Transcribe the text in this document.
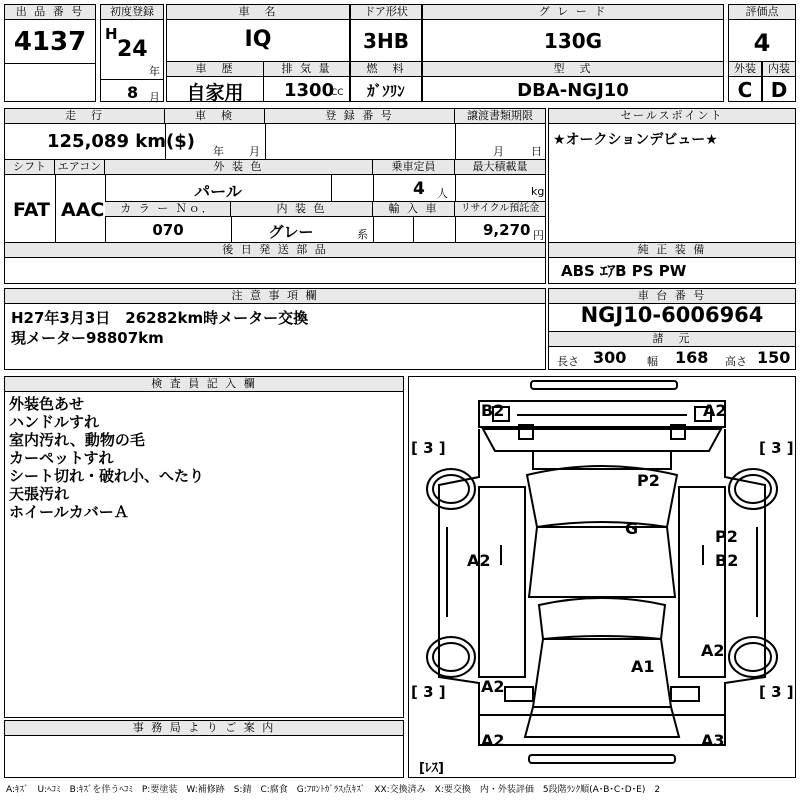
出 品 番 号
4137
初度登録
H
24
年
8 月
車　名
IQ
ドア形状
3HB
グ レ ー ド
130G
評価点
4
車　歴
自家用
排 気 量
1300
CC
燃　料
ｶﾞｿﾘﾝ
型　式
DBA-NGJ10
外装
C
内装
D
走　行	車　検	登 録 番 号	譲渡書類期限
125,089 km($) 年 月	月 日
シフト	エアコン	外 装 色	乗車定員	最大積載量
FAT AAC
パール	4 人	kg
カ ラ ー Ｎｏ．	内 装 色	輸 入 車	リサイクル預託金
070	グレー	系	9,270 円
後 日 発 送 部 品
セールスポイント
★オークションデビュー★
純 正 装 備
ABS ｴｱB PS PW
注 意 事 項 欄
H27年3月3日　26282km時メーター交換
現メーター98807km
車 台 番 号
NGJ10-6006964
諸　元
長さ 300 幅 168 高さ 150
検 査 員 記 入 欄
外装色あせ
ハンドルすれ
室内汚れ、動物の毛
カーペットすれ
シート切れ・破れ小、へたり
天張汚れ
ホイールカバーＡ
事 務 局 よ り ご 案 内
B2	A2
[ 3 ]	[ 3 ]
[ 3 ]	[ 3 ]
P2
G
A2
P2
B2
A1
A2
A2
A2	A3
[ﾚｽ]
A:ｷｽﾞ　U:ﾍｺﾐ　B:ｷｽﾞを伴うﾍｺﾐ　P:要塗装　W:補修跡　S:錆　C:腐食　G:ﾌﾛﾝﾄｶﾞﾗｽ点ｷｽﾞ　XX:交換済み　X:要交換　内・外装評価　5段階ﾗﾝｸ順(A･B･C･D･E)　2
